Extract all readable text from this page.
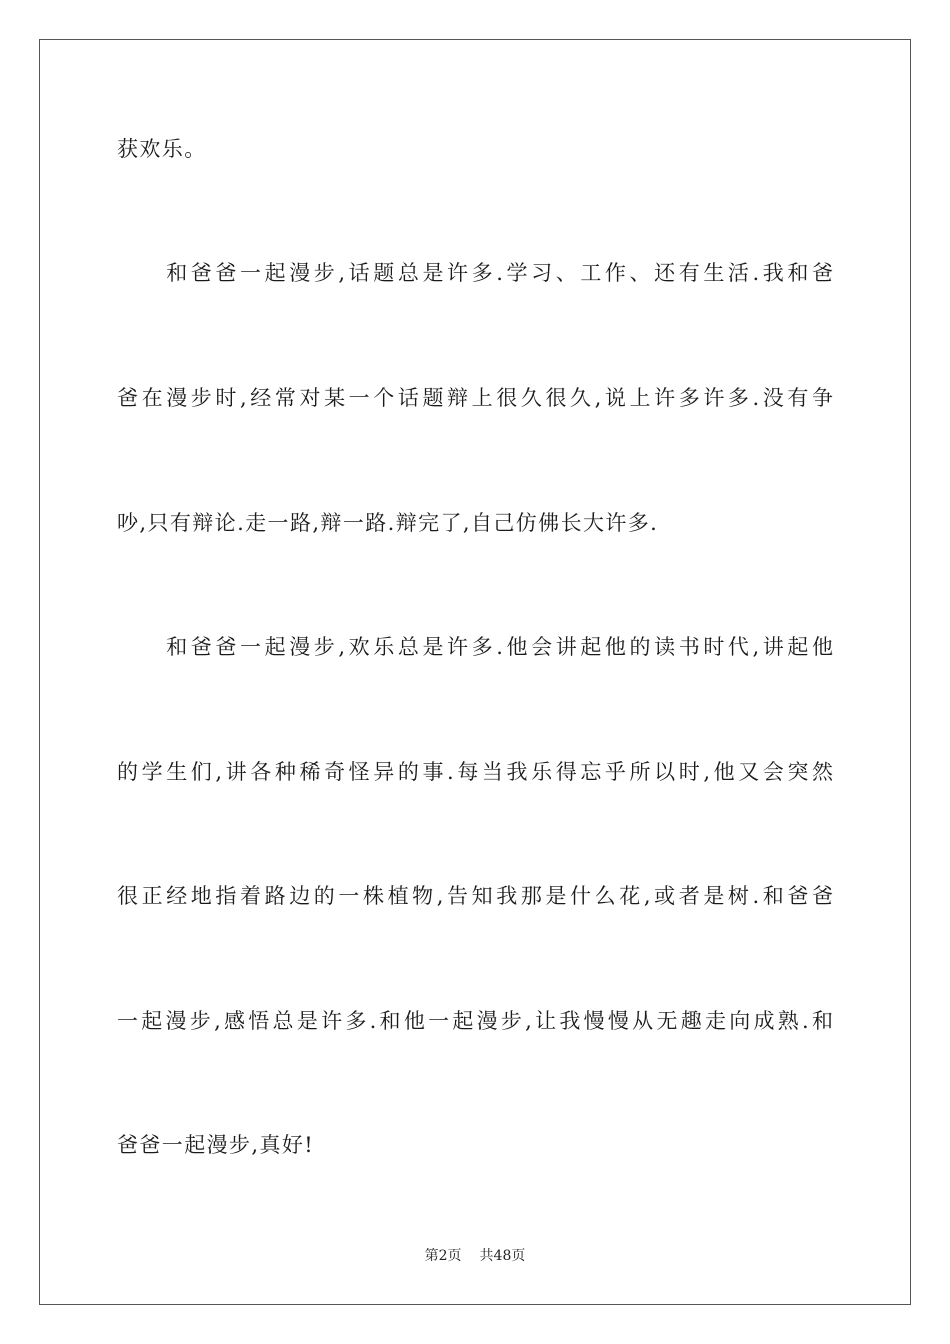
获欢乐。
　　和爸爸一起漫步,话题总是许多.学习、工作、还有生活.我和爸
爸在漫步时,经常对某一个话题辩上很久很久,说上许多许多.没有争
吵,只有辩论.走一路,辩一路.辩完了,自己仿佛长大许多.
　　和爸爸一起漫步,欢乐总是许多.他会讲起他的读书时代,讲起他
的学生们,讲各种稀奇怪异的事.每当我乐得忘乎所以时,他又会突然
很正经地指着路边的一株植物,告知我那是什么花,或者是树.和爸爸
一起漫步,感悟总是许多.和他一起漫步,让我慢慢从无趣走向成熟.和
爸爸一起漫步,真好!
第2页 共48页
